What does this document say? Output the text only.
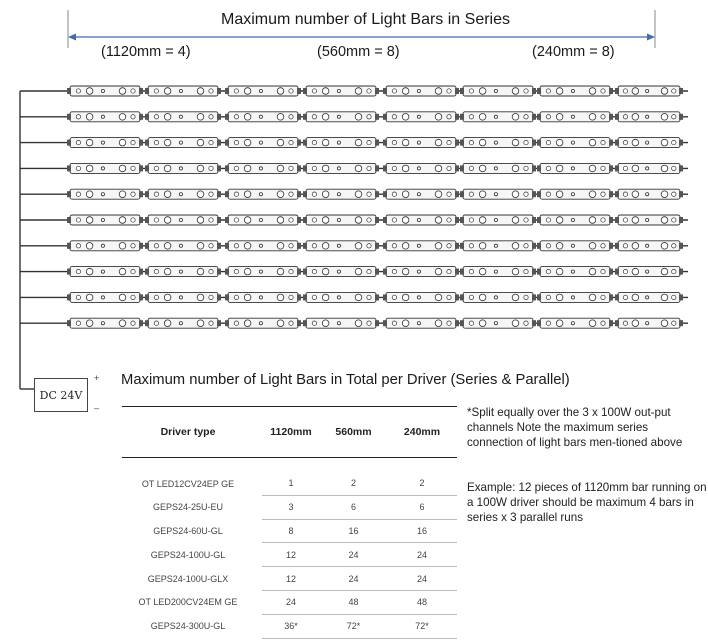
Maximum number of Light Bars in Series
(1120mm = 4)	(560mm = 8)	(240mm = 8)
DC 24V
+
–
Maximum number of Light Bars in Total per Driver (Series & Parallel)
Driver type		1120mm	560mm	240mm

OT LED12CV24EP GE		1	2	2
GEPS24-25U-EU		3	6	6
GEPS24-60U-GL		8	16	16
GEPS24-100U-GL		12	24	24
GEPS24-100U-GLX		12	24	24
OT LED200CV24EM GE		24	48	48
GEPS24-300U-GL		36*	72*	72*
*Split equally over the 3 x 100W out-put channels Note the maximum series connection of light bars men-tioned above
Example: 12 pieces of 1120mm bar running on a 100W driver should be maximum 4 bars in series x 3 parallel runs
